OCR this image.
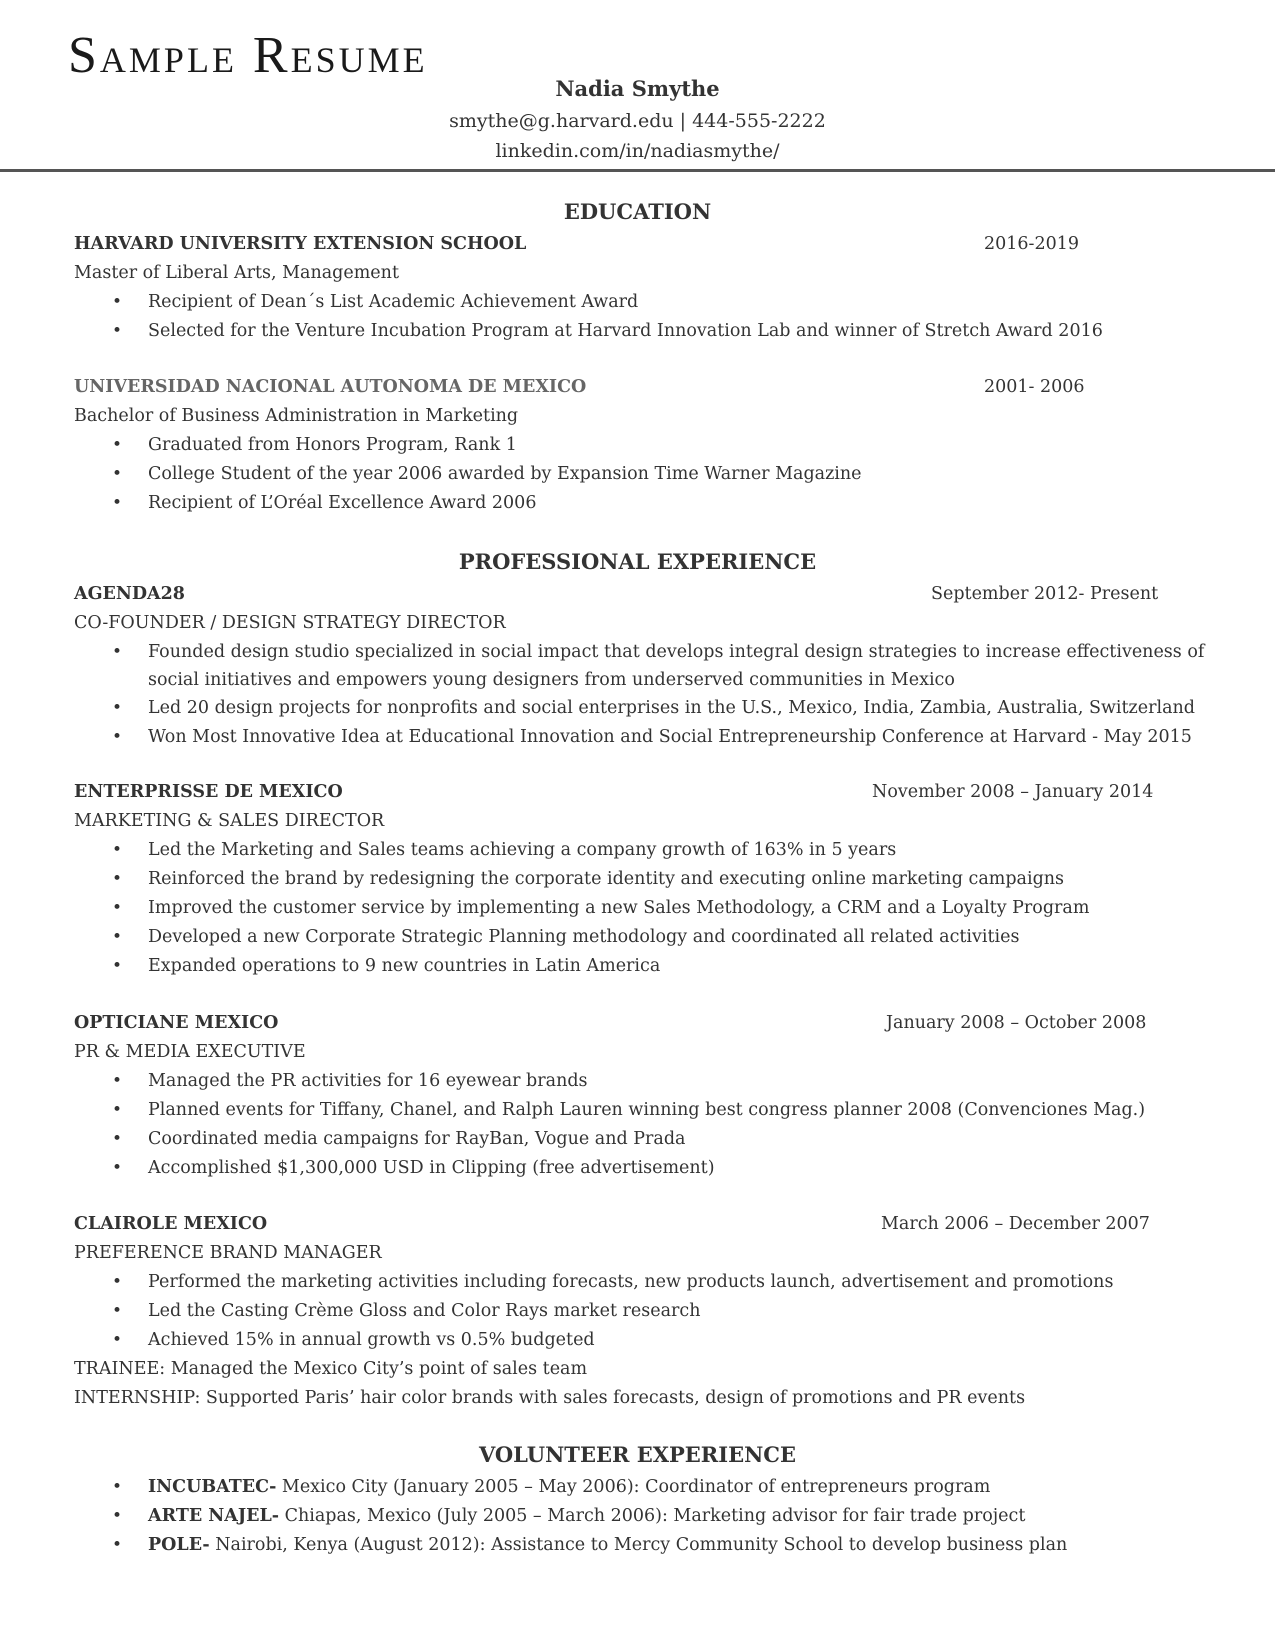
Sample Resume
Nadia Smythe
smythe@g.harvard.edu | 444-555-2222
linkedin.com/in/nadiasmythe/
EDUCATION
HARVARD UNIVERSITY EXTENSION SCHOOL	2016-2019
Master of Liberal Arts, Management
• Recipient of Dean´s List Academic Achievement Award
• Selected for the Venture Incubation Program at Harvard Innovation Lab and winner of Stretch Award 2016
UNIVERSIDAD NACIONAL AUTONOMA DE MEXICO	2001- 2006
Bachelor of Business Administration in Marketing
• Graduated from Honors Program, Rank 1
• College Student of the year 2006 awarded by Expansion Time Warner Magazine
• Recipient of L’Oréal Excellence Award 2006
PROFESSIONAL EXPERIENCE
AGENDA28	September 2012- Present
CO-FOUNDER / DESIGN STRATEGY DIRECTOR
• Founded design studio specialized in social impact that develops integral design strategies to increase effectiveness of social initiatives and empowers young designers from underserved communities in Mexico
• Led 20 design projects for nonprofits and social enterprises in the U.S., Mexico, India, Zambia, Australia, Switzerland
• Won Most Innovative Idea at Educational Innovation and Social Entrepreneurship Conference at Harvard - May 2015
ENTERPRISSE DE MEXICO	November 2008 – January 2014
MARKETING & SALES DIRECTOR
• Led the Marketing and Sales teams achieving a company growth of 163% in 5 years
• Reinforced the brand by redesigning the corporate identity and executing online marketing campaigns
• Improved the customer service by implementing a new Sales Methodology, a CRM and a Loyalty Program
• Developed a new Corporate Strategic Planning methodology and coordinated all related activities
• Expanded operations to 9 new countries in Latin America
OPTICIANE MEXICO	January 2008 – October 2008
PR & MEDIA EXECUTIVE
• Managed the PR activities for 16 eyewear brands
• Planned events for Tiffany, Chanel, and Ralph Lauren winning best congress planner 2008 (Convenciones Mag.)
• Coordinated media campaigns for RayBan, Vogue and Prada
• Accomplished $1,300,000 USD in Clipping (free advertisement)
CLAIROLE MEXICO	March 2006 – December 2007
PREFERENCE BRAND MANAGER
• Performed the marketing activities including forecasts, new products launch, advertisement and promotions
• Led the Casting Crème Gloss and Color Rays market research
• Achieved 15% in annual growth vs 0.5% budgeted
TRAINEE: Managed the Mexico City’s point of sales team
INTERNSHIP: Supported Paris’ hair color brands with sales forecasts, design of promotions and PR events
VOLUNTEER EXPERIENCE
• INCUBATEC- Mexico City (January 2005 – May 2006): Coordinator of entrepreneurs program
• ARTE NAJEL- Chiapas, Mexico (July 2005 – March 2006): Marketing advisor for fair trade project
• POLE- Nairobi, Kenya (August 2012): Assistance to Mercy Community School to develop business plan
